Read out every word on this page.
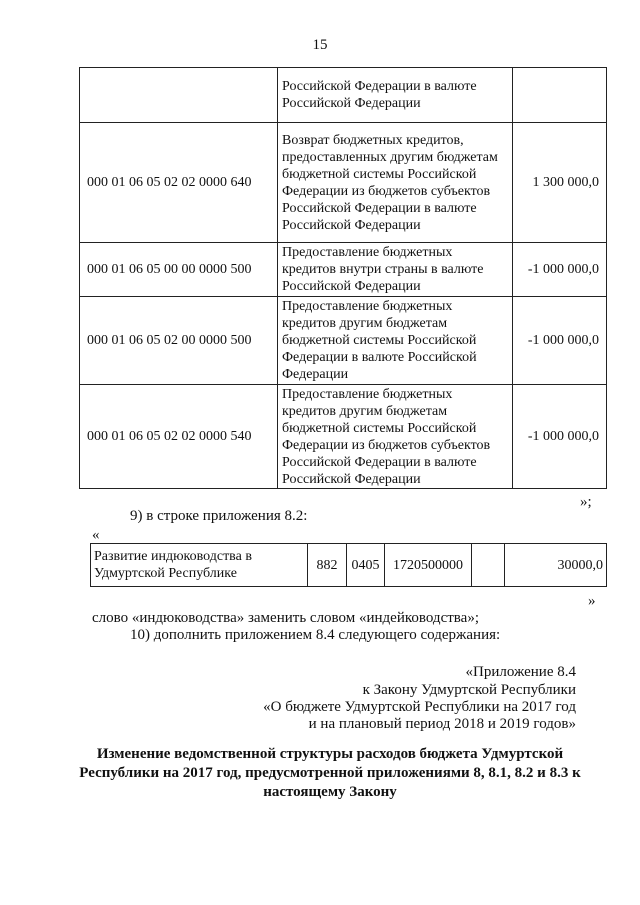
15
	Российской Федерации в валюте Российской Федерации	
000 01 06 05 02 02 0000 640	Возврат бюджетных кредитов, предоставленных другим бюджетам бюджетной системы Российской Федерации из бюджетов субъектов Российской Федерации в валюте Российской Федерации	1 300 000,0
000 01 06 05 00 00 0000 500	Предоставление бюджетных кредитов внутри страны в валюте Российской Федерации	-1 000 000,0
000 01 06 05 02 00 0000 500	Предоставление бюджетных кредитов другим бюджетам бюджетной системы Российской Федерации в валюте Российской Федерации	-1 000 000,0
000 01 06 05 02 02 0000 540	Предоставление бюджетных кредитов другим бюджетам бюджетной системы Российской Федерации из бюджетов субъектов Российской Федерации в валюте Российской Федерации	-1 000 000,0
»;
9) в строке приложения 8.2:
«
Развитие индюководства в Удмуртской Республике	882	0405	1720500000		30000,0
»
слово «индюководства» заменить словом «индейководства»;
10) дополнить приложением 8.4 следующего содержания:
«Приложение 8.4
к Закону Удмуртской Республики
«О бюджете Удмуртской Республики на 2017 год
и на плановый период 2018 и 2019 годов»
Изменение ведомственной структуры расходов бюджета Удмуртской Республики на 2017 год, предусмотренной приложениями 8, 8.1, 8.2 и 8.3 к настоящему Закону
